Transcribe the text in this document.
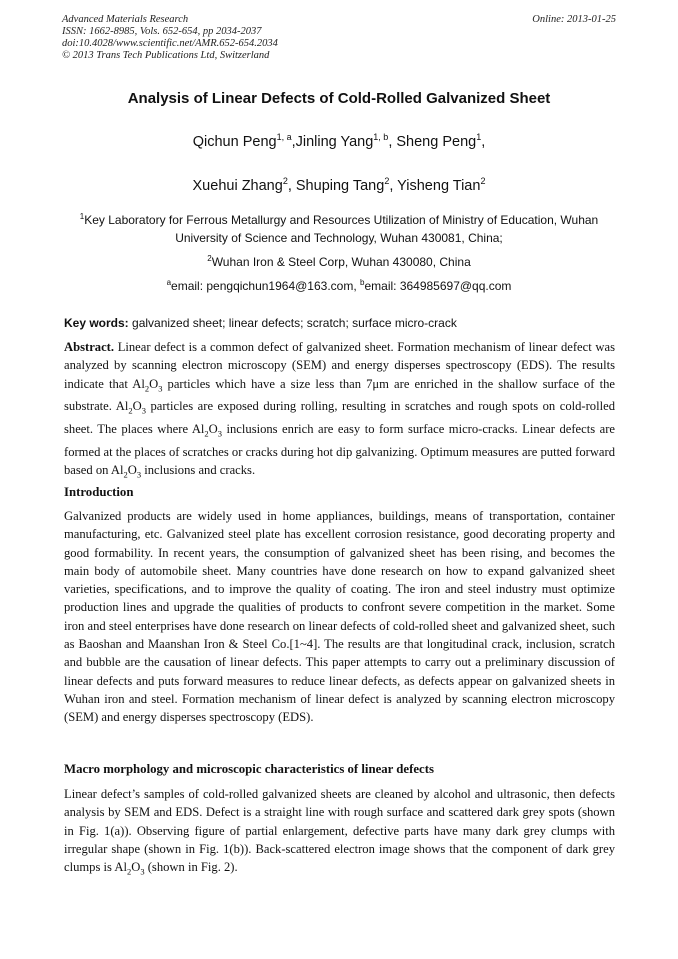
Advanced Materials Research
ISSN: 1662-8985, Vols. 652-654, pp 2034-2037
doi:10.4028/www.scientific.net/AMR.652-654.2034
© 2013 Trans Tech Publications Ltd, Switzerland
Online: 2013-01-25
Analysis of Linear Defects of Cold-Rolled Galvanized Sheet
Qichun Peng$^{1, a}$,Jinling Yang$^{1, b}$, Sheng Peng$^1$,
Xuehui Zhang$^2$, Shuping Tang$^2$, Yisheng Tian$^2$
$^1$Key Laboratory for Ferrous Metallurgy and Resources Utilization of Ministry of Education, Wuhan
University of Science and Technology, Wuhan 430081, China;
$^2$Wuhan Iron & Steel Corp, Wuhan 430080, China
$^a$email: pengqichun1964@163.com, $^b$email: 364985697@qq.com
Key words: galvanized sheet; linear defects; scratch; surface micro-crack

Abstract. Linear defect is a common defect of galvanized sheet. Formation mechanism of linear defect was analyzed by scanning electron microscopy (SEM) and energy disperses spectroscopy (EDS). The results indicate that $Al_2O_3$ particles which have a size less than 7μm are enriched in the shallow surface of the substrate. $Al_2O_3$ particles are exposed during rolling, resulting in scratches and rough spots on cold-rolled sheet. The places where $Al_2O_3$ inclusions enrich are easy to form surface micro-cracks. Linear defects are formed at the places of scratches or cracks during hot dip galvanizing. Optimum measures are putted forward based on $Al_2O_3$ inclusions and cracks.

Introduction

Galvanized products are widely used in home appliances, buildings, means of transportation, container manufacturing, etc. Galvanized steel plate has excellent corrosion resistance, good decorating property and good formability. In recent years, the consumption of galvanized sheet has been rising, and becomes the main body of automobile sheet. Many countries have done research on how to expand galvanized sheet varieties, specifications, and to improve the quality of coating. The iron and steel industry must optimize production lines and upgrade the qualities of products to confront severe competition in the market. Some iron and steel enterprises have done research on linear defects of cold-rolled sheet and galvanized sheet, such as Baoshan and Maanshan Iron & Steel Co.[1~4]. The results are that longitudinal crack, inclusion, scratch and bubble are the causation of linear defects. This paper attempts to carry out a preliminary discussion of linear defects and puts forward measures to reduce linear defects, as defects appear on galvanized sheets in Wuhan iron and steel. Formation mechanism of linear defect is analyzed by scanning electron microscopy (SEM) and energy disperses spectroscopy (EDS).

Macro morphology and microscopic characteristics of linear defects

Linear defect’s samples of cold-rolled galvanized sheets are cleaned by alcohol and ultrasonic, then defects analysis by SEM and EDS. Defect is a straight line with rough surface and scattered dark grey spots (shown in Fig. 1(a)). Observing figure of partial enlargement, defective parts have many dark grey clumps with irregular shape (shown in Fig. 1(b)). Back-scattered electron image shows that the component of dark grey clumps is $Al_2O_3$ (shown in Fig. 2).
